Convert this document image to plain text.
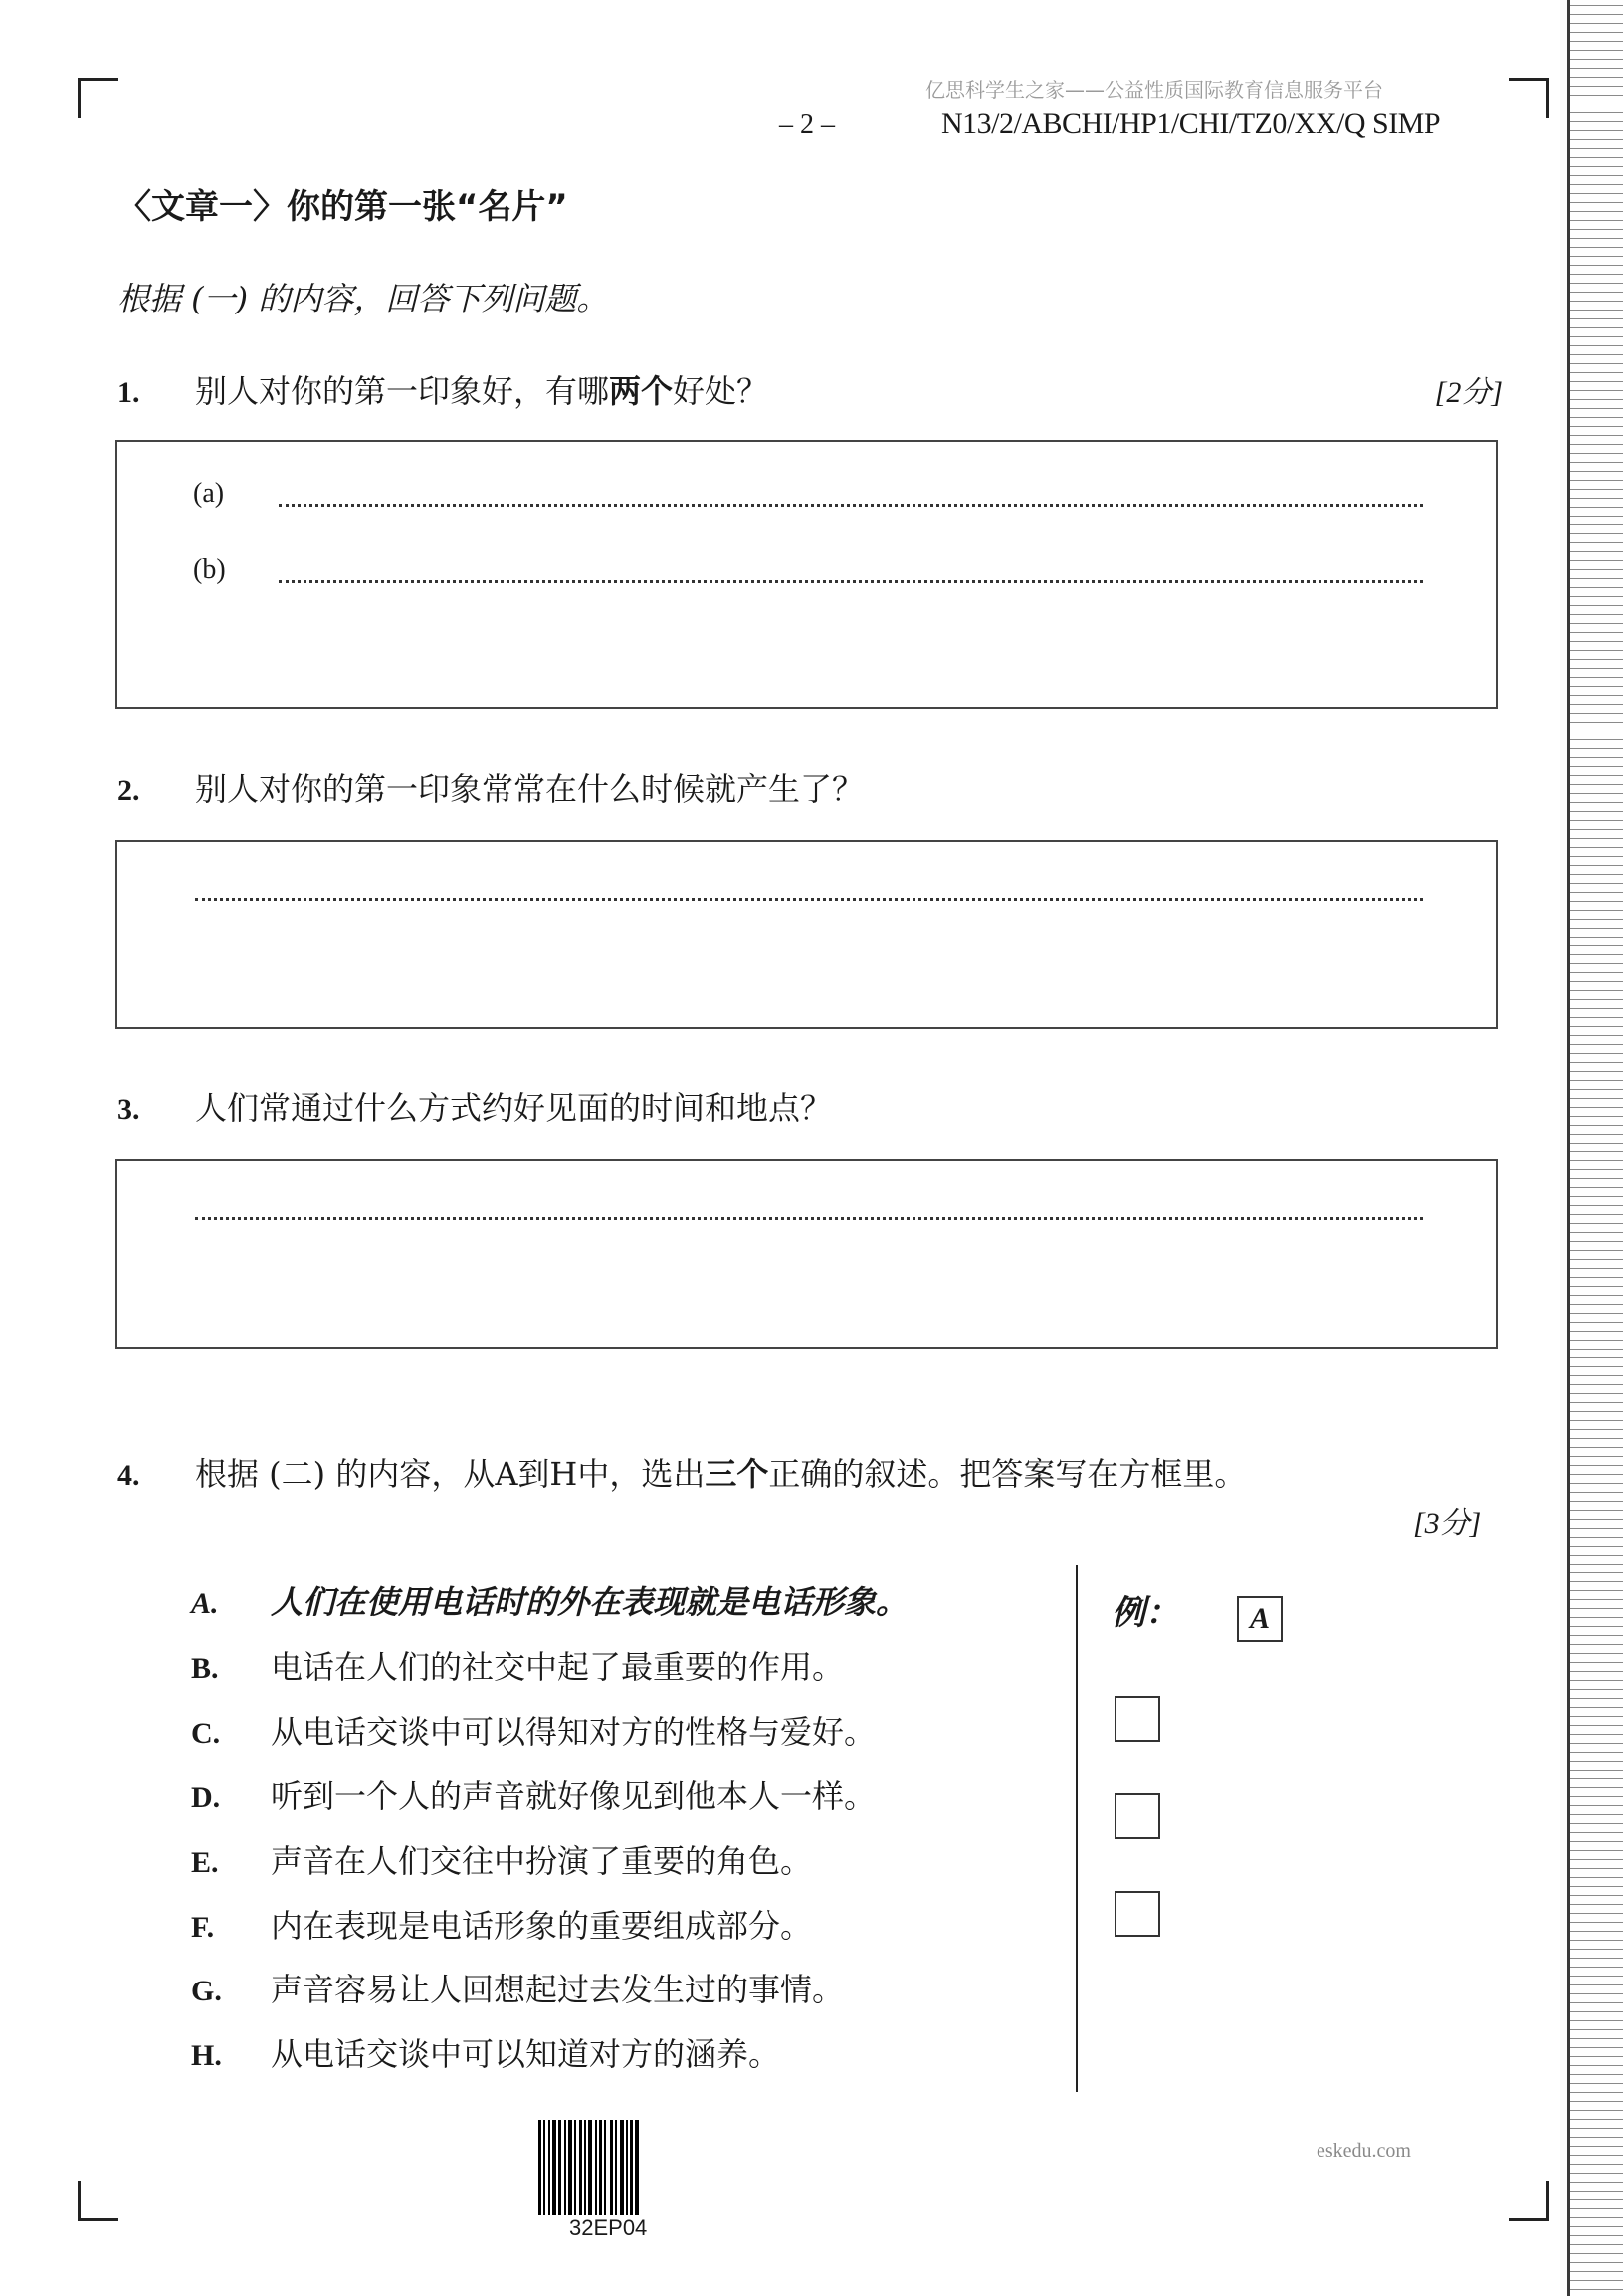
亿思科学生之家——公益性质国际教育信息服务平台
– 2 –	N13/2/ABCHI/HP1/CHI/TZ0/XX/Q SIMP
〈文章一〉你的第一张“名片”
根据 (一) 的内容，回答下列问题。
1.	别人对你的第一印象好，有哪两个好处？	[2分]
(a)
(b)
2.	别人对你的第一印象常常在什么时候就产生了？
3.	人们常通过什么方式约好见面的时间和地点？
4.	根据 (二) 的内容，从A到H中，选出三个正确的叙述。把答案写在方框里。
[3分]
A.	人们在使用电话时的外在表现就是电话形象。
B.	电话在人们的社交中起了最重要的作用。
C.	从电话交谈中可以得知对方的性格与爱好。
D.	听到一个人的声音就好像见到他本人一样。
E.	声音在人们交往中扮演了重要的角色。
F.	内在表现是电话形象的重要组成部分。
G.	声音容易让人回想起过去发生过的事情。
H.	从电话交谈中可以知道对方的涵养。
例：	A
32EP04
eskedu.com
